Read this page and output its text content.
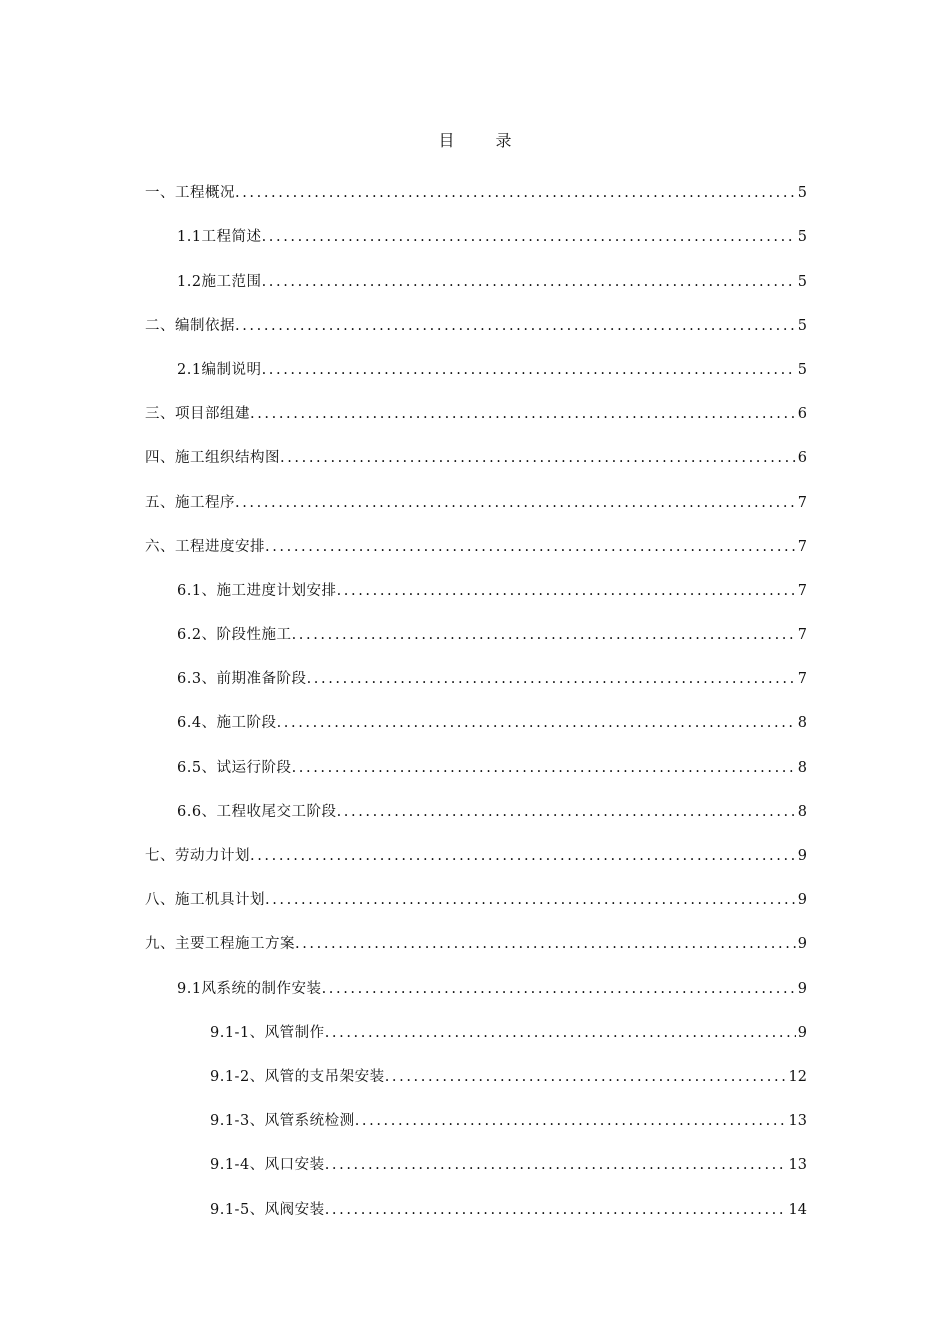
目 录
一、工程概况 .....	5
1.1工程简述 .....	5
1.2施工范围 .....	5
二、编制依据 .....	5
2.1编制说明 .....	5
三、项目部组建 .....	6
四、施工组织结构图 .....	6
五、施工程序 .....	7
六、工程进度安排 .....	7
6.1、施工进度计划安排 .....	7
6.2、阶段性施工 .....	7
6.3、前期准备阶段 .....	7
6.4、施工阶段 .....	8
6.5、试运行阶段 .....	8
6.6、工程收尾交工阶段 .....	8
七、劳动力计划 .....	9
八、施工机具计划 .....	9
九、主要工程施工方案 .....	9
9.1风系统的制作安装 .....	9
9.1-1、风管制作 .....	9
9.1-2、风管的支吊架安装 .....	12
9.1-3、风管系统检测 .....	13
9.1-4、风口安装 .....	13
9.1-5、风阀安装 .....	14
